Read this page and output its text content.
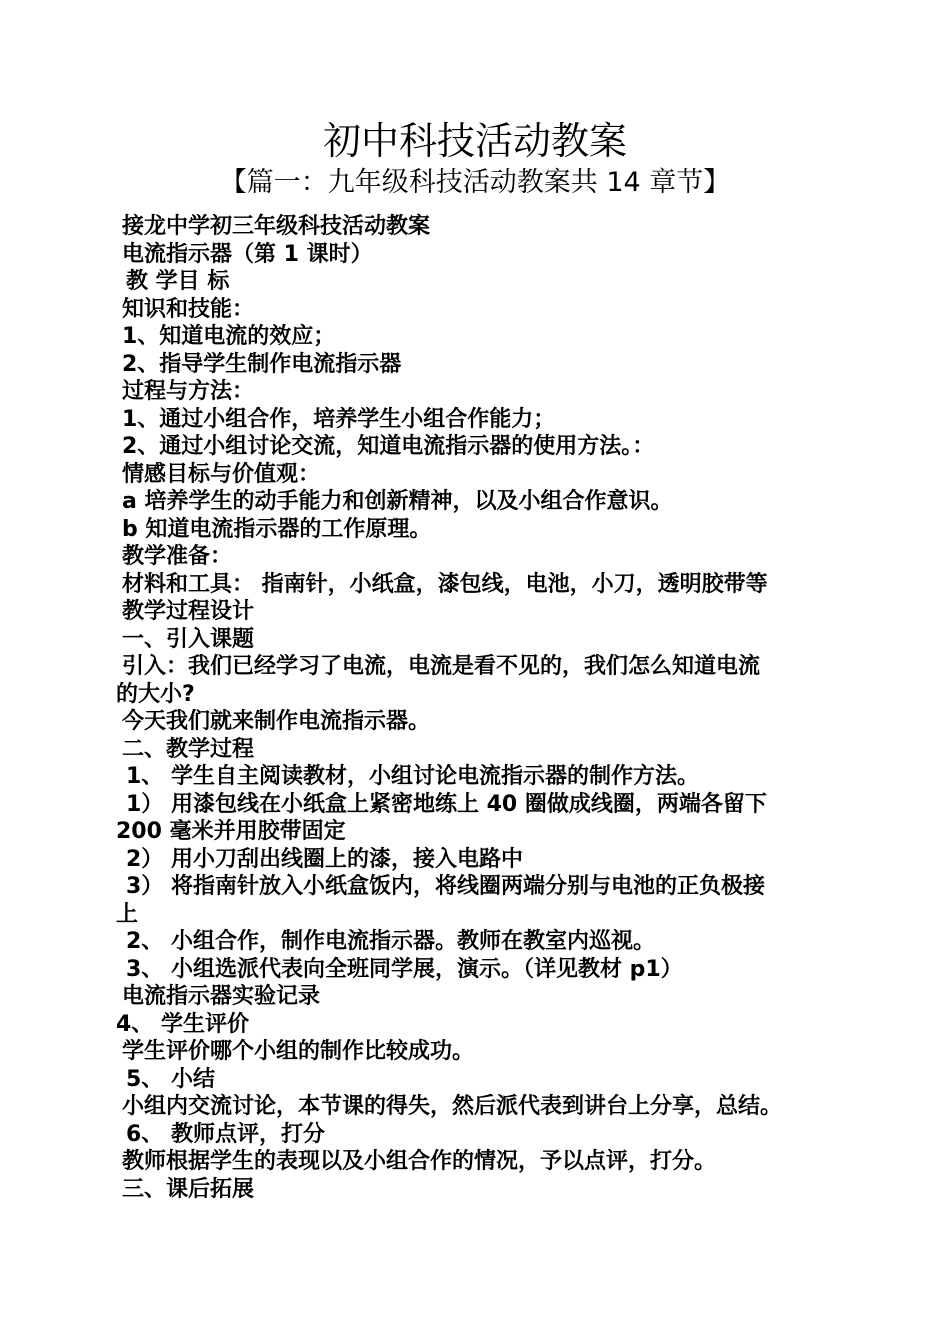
初中科技活动教案
【篇一：九年级科技活动教案共 14 章节】
接龙中学初三年级科技活动教案
电流指示器（第 1 课时）
教 学目 标
知识和技能：
1、知道电流的效应；
2、指导学生制作电流指示器
过程与方法：
1、通过小组合作，培养学生小组合作能力；
2、通过小组讨论交流，知道电流指示器的使用方法。：
情感目标与价值观：
a 培养学生的动手能力和创新精神，以及小组合作意识。
b 知道电流指示器的工作原理。
教学准备：
材料和工具： 指南针，小纸盒，漆包线，电池，小刀，透明胶带等
教学过程设计
一、引入课题
引入：我们已经学习了电流，电流是看不见的，我们怎么知道电流
的大小?
今天我们就来制作电流指示器。
二、教学过程
1、 学生自主阅读教材，小组讨论电流指示器的制作方法。
1） 用漆包线在小纸盒上紧密地练上 40 圈做成线圈，两端各留下
200 毫米并用胶带固定
2） 用小刀刮出线圈上的漆，接入电路中
3） 将指南针放入小纸盒饭内，将线圈两端分别与电池的正负极接
上
2、 小组合作，制作电流指示器。教师在教室内巡视。
3、 小组选派代表向全班同学展，演示。（详见教材 p1）
电流指示器实验记录
4、 学生评价
学生评价哪个小组的制作比较成功。
5、 小结
小组内交流讨论，本节课的得失，然后派代表到讲台上分享，总结。
6、 教师点评，打分
教师根据学生的表现以及小组合作的情况，予以点评，打分。
三、课后拓展
